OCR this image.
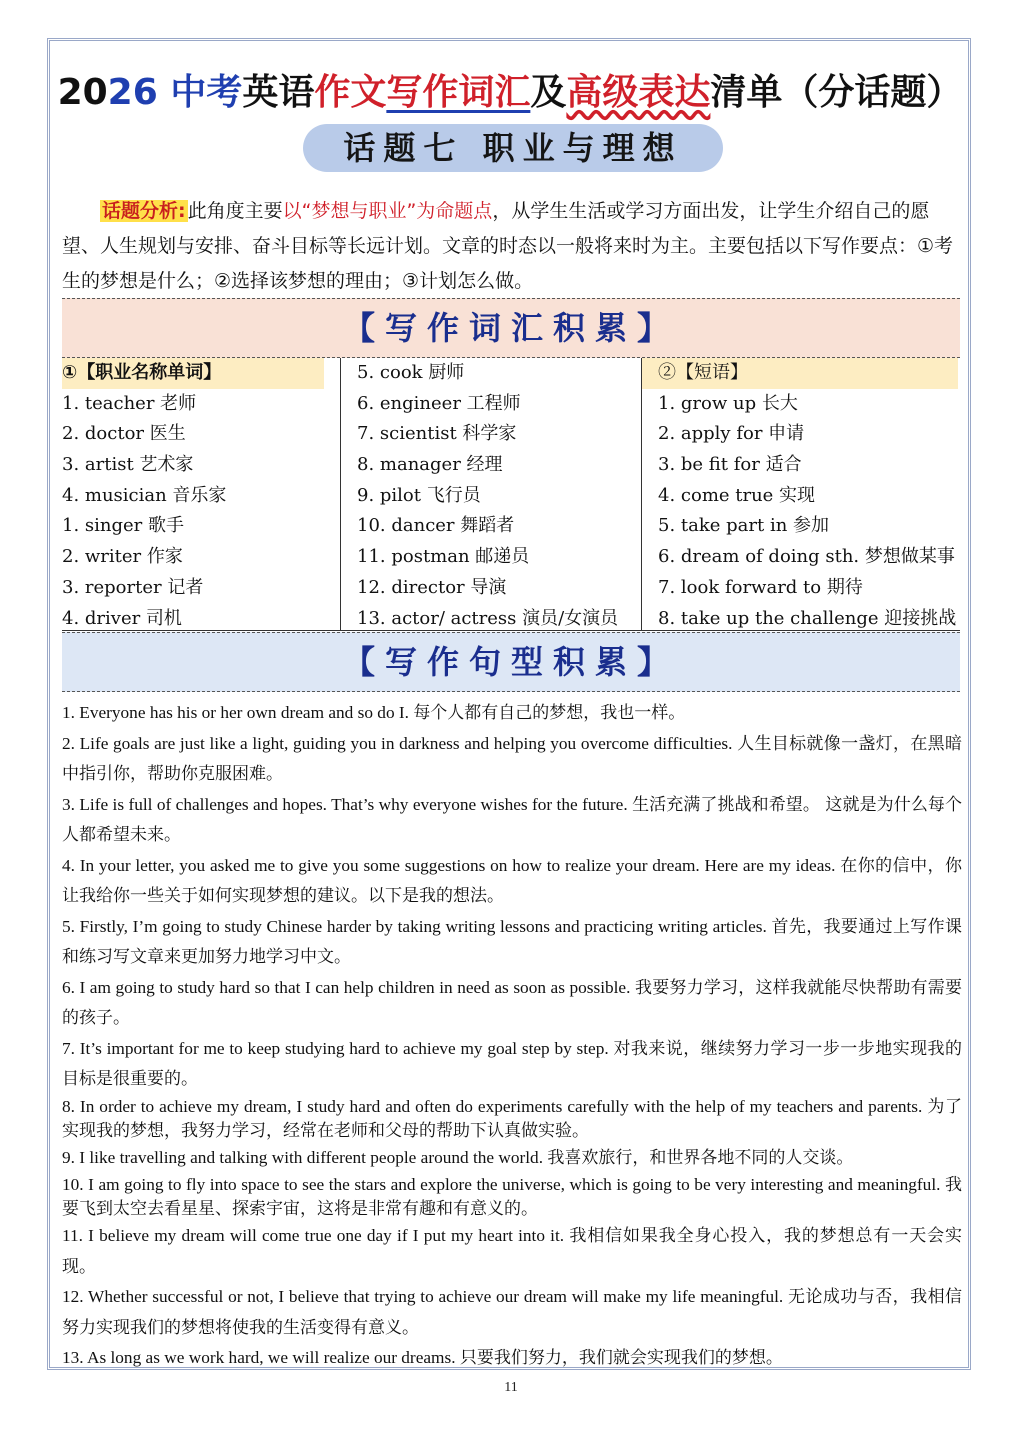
2026 中考英语作文写作词汇及高级表达清单（分话题）
话题七 职业与理想
话题分析: 此角度主要以“梦想与职业”为命题点，从学生生活或学习方面出发，让学生介绍自己的愿望、人生规划与安排、奋斗目标等长远计划。文章的时态以一般将来时为主。主要包括以下写作要点：①考生的梦想是什么；②选择该梦想的理由；③计划怎么做。
【写作词汇积累】
①【职业名称单词】
1. teacher 老师
2. doctor 医生
3. artist 艺术家
4. musician 音乐家
1. singer 歌手
2. writer 作家
3. reporter 记者
4. driver 司机
5. cook 厨师
6. engineer 工程师
7. scientist 科学家
8. manager 经理
9. pilot 飞行员
10. dancer 舞蹈者
11. postman 邮递员
12. director 导演
13. actor/ actress 演员/女演员
②【短语】
1. grow up 长大
2. apply for 申请
3. be fit for 适合
4. come true 实现
5. take part in 参加
6. dream of doing sth. 梦想做某事
7. look forward to 期待
8. take up the challenge 迎接挑战
【写作句型积累】
1. Everyone has his or her own dream and so do I. 每个人都有自己的梦想，我也一样。
2. Life goals are just like a light, guiding you in darkness and helping you overcome difficulties. 人生目标就像一盏灯，在黑暗中指引你，帮助你克服困难。
3. Life is full of challenges and hopes. That’s why everyone wishes for the future. 生活充满了挑战和希望。 这就是为什么每个人都希望未来。
4. In your letter, you asked me to give you some suggestions on how to realize your dream. Here are my ideas. 在你的信中，你让我给你一些关于如何实现梦想的建议。以下是我的想法。
5. Firstly, I’m going to study Chinese harder by taking writing lessons and practicing writing articles. 首先，我要通过上写作课和练习写文章来更加努力地学习中文。
6. I am going to study hard so that I can help children in need as soon as possible. 我要努力学习，这样我就能尽快帮助有需要的孩子。
7. It’s important for me to keep studying hard to achieve my goal step by step. 对我来说，继续努力学习一步一步地实现我的目标是很重要的。
8. In order to achieve my dream, I study hard and often do experiments carefully with the help of my teachers and parents. 为了实现我的梦想，我努力学习，经常在老师和父母的帮助下认真做实验。
9. I like travelling and talking with different people around the world. 我喜欢旅行，和世界各地不同的人交谈。
10. I am going to fly into space to see the stars and explore the universe, which is going to be very interesting and meaningful. 我要飞到太空去看星星、探索宇宙，这将是非常有趣和有意义的。
11. I believe my dream will come true one day if I put my heart into it. 我相信如果我全身心投入，我的梦想总有一天会实现。
12. Whether successful or not, I believe that trying to achieve our dream will make my life meaningful. 无论成功与否，我相信努力实现我们的梦想将使我的生活变得有意义。
13. As long as we work hard, we will realize our dreams. 只要我们努力，我们就会实现我们的梦想。
11
